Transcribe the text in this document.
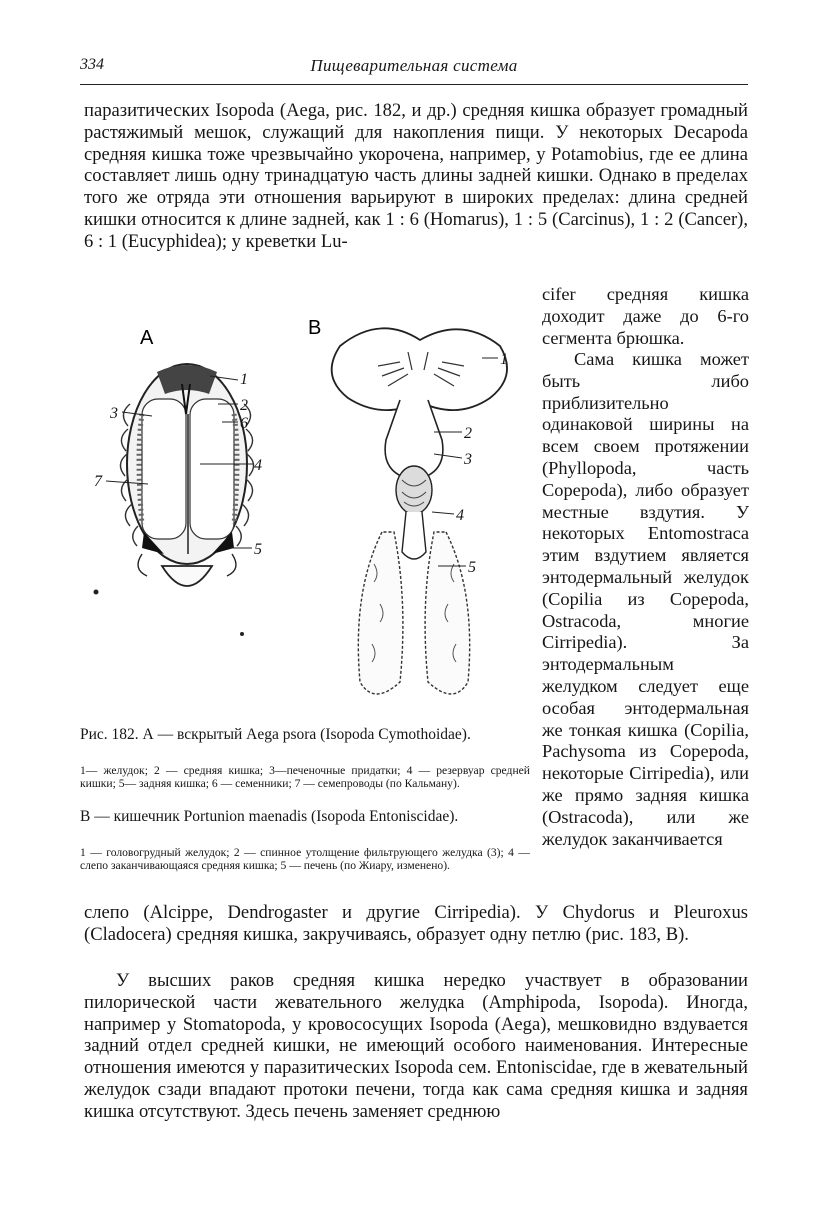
334	Пищеварительная система
паразитических Isopoda (Aega, рис. 182, и др.) средняя кишка образует громадный растяжимый мешок, служащий для накопления пищи. У некоторых Decapoda средняя кишка тоже чрезвычайно укорочена, например, у Potamobius, где ее длина составляет лишь одну тринадцатую часть длины задней кишки. Однако в пределах того же отряда эти отношения варьируют в широких пределах: длина средней кишки относится к длине задней, как 1 : 6 (Homarus), 1 : 5 (Carcinus), 1 : 2 (Cancer), 6 : 1 (Eucyphidea); у креветки Lu-
cifer средняя кишка доходит даже до 6-го сегмента брюшка.
Сама кишка может быть либо приблизительно одинаковой ширины на всем своем протяжении (Phyllopoda, часть Copepoda), либо образует местные вздутия. У некоторых Entomostraca этим вздутием является энтодермальный желудок (Copilia из Copepoda, Ostracoda, многие Cirripedia). За энтодермальным желудком следует еще особая энтодермальная же тонкая кишка (Copilia, Pachysoma из Copepoda, некоторые Cirripedia), или же прямо задняя кишка (Ostracoda), или же желудок заканчивается
А
1
2
3
4
5
6
7
В
1
2
3
4
5
Рис. 182. А — вскрытый Aega psora (Isopoda Cymothoidae).
1— желудок; 2 — средняя кишка; 3—печеночные придатки; 4 — резервуар средней кишки; 5— задняя кишка; 6 — семенники; 7 — семепроводы (по Кальману).
В — кишечник Portunion maenadis (Isopoda Entoniscidae).
1 — головогрудный желудок; 2 — спинное утолщение фильтрующего желудка (3); 4 — слепо заканчивающаяся средняя кишка; 5 — печень (по Жиару, изменено).
слепо (Alcippe, Dendrogaster и другие Cirripedia). У Chydorus и Pleuroxus (Cladocera) средняя кишка, закручиваясь, образует одну петлю (рис. 183, В).
У высших раков средняя кишка нередко участвует в образовании пилорической части жевательного желудка (Amphipoda, Isopoda). Иногда, например у Stomatopoda, у кровососущих Isopoda (Aega), мешковидно вздувается задний отдел средней кишки, не имеющий особого наименования. Интересные отношения имеются у паразитических Isopoda сем. Entoniscidae, где в жевательный желудок сзади впадают протоки печени, тогда как сама средняя кишка и задняя кишка отсутствуют. Здесь печень заменяет среднюю
